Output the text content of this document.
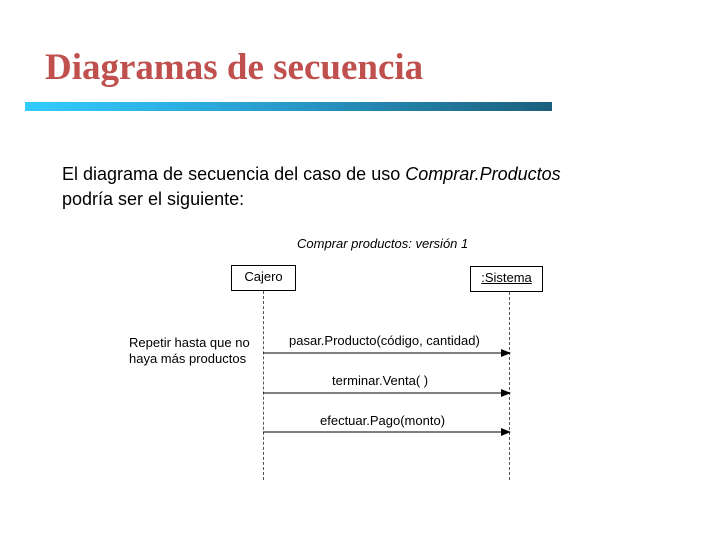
Diagramas de secuencia
El diagrama de secuencia del caso de uso Comprar.Productos
podría ser el siguiente:
Comprar productos: versión 1
Cajero	:Sistema
Repetir hasta que no
haya más productos
pasar.Producto(código, cantidad)
terminar.Venta( )
efectuar.Pago(monto)
